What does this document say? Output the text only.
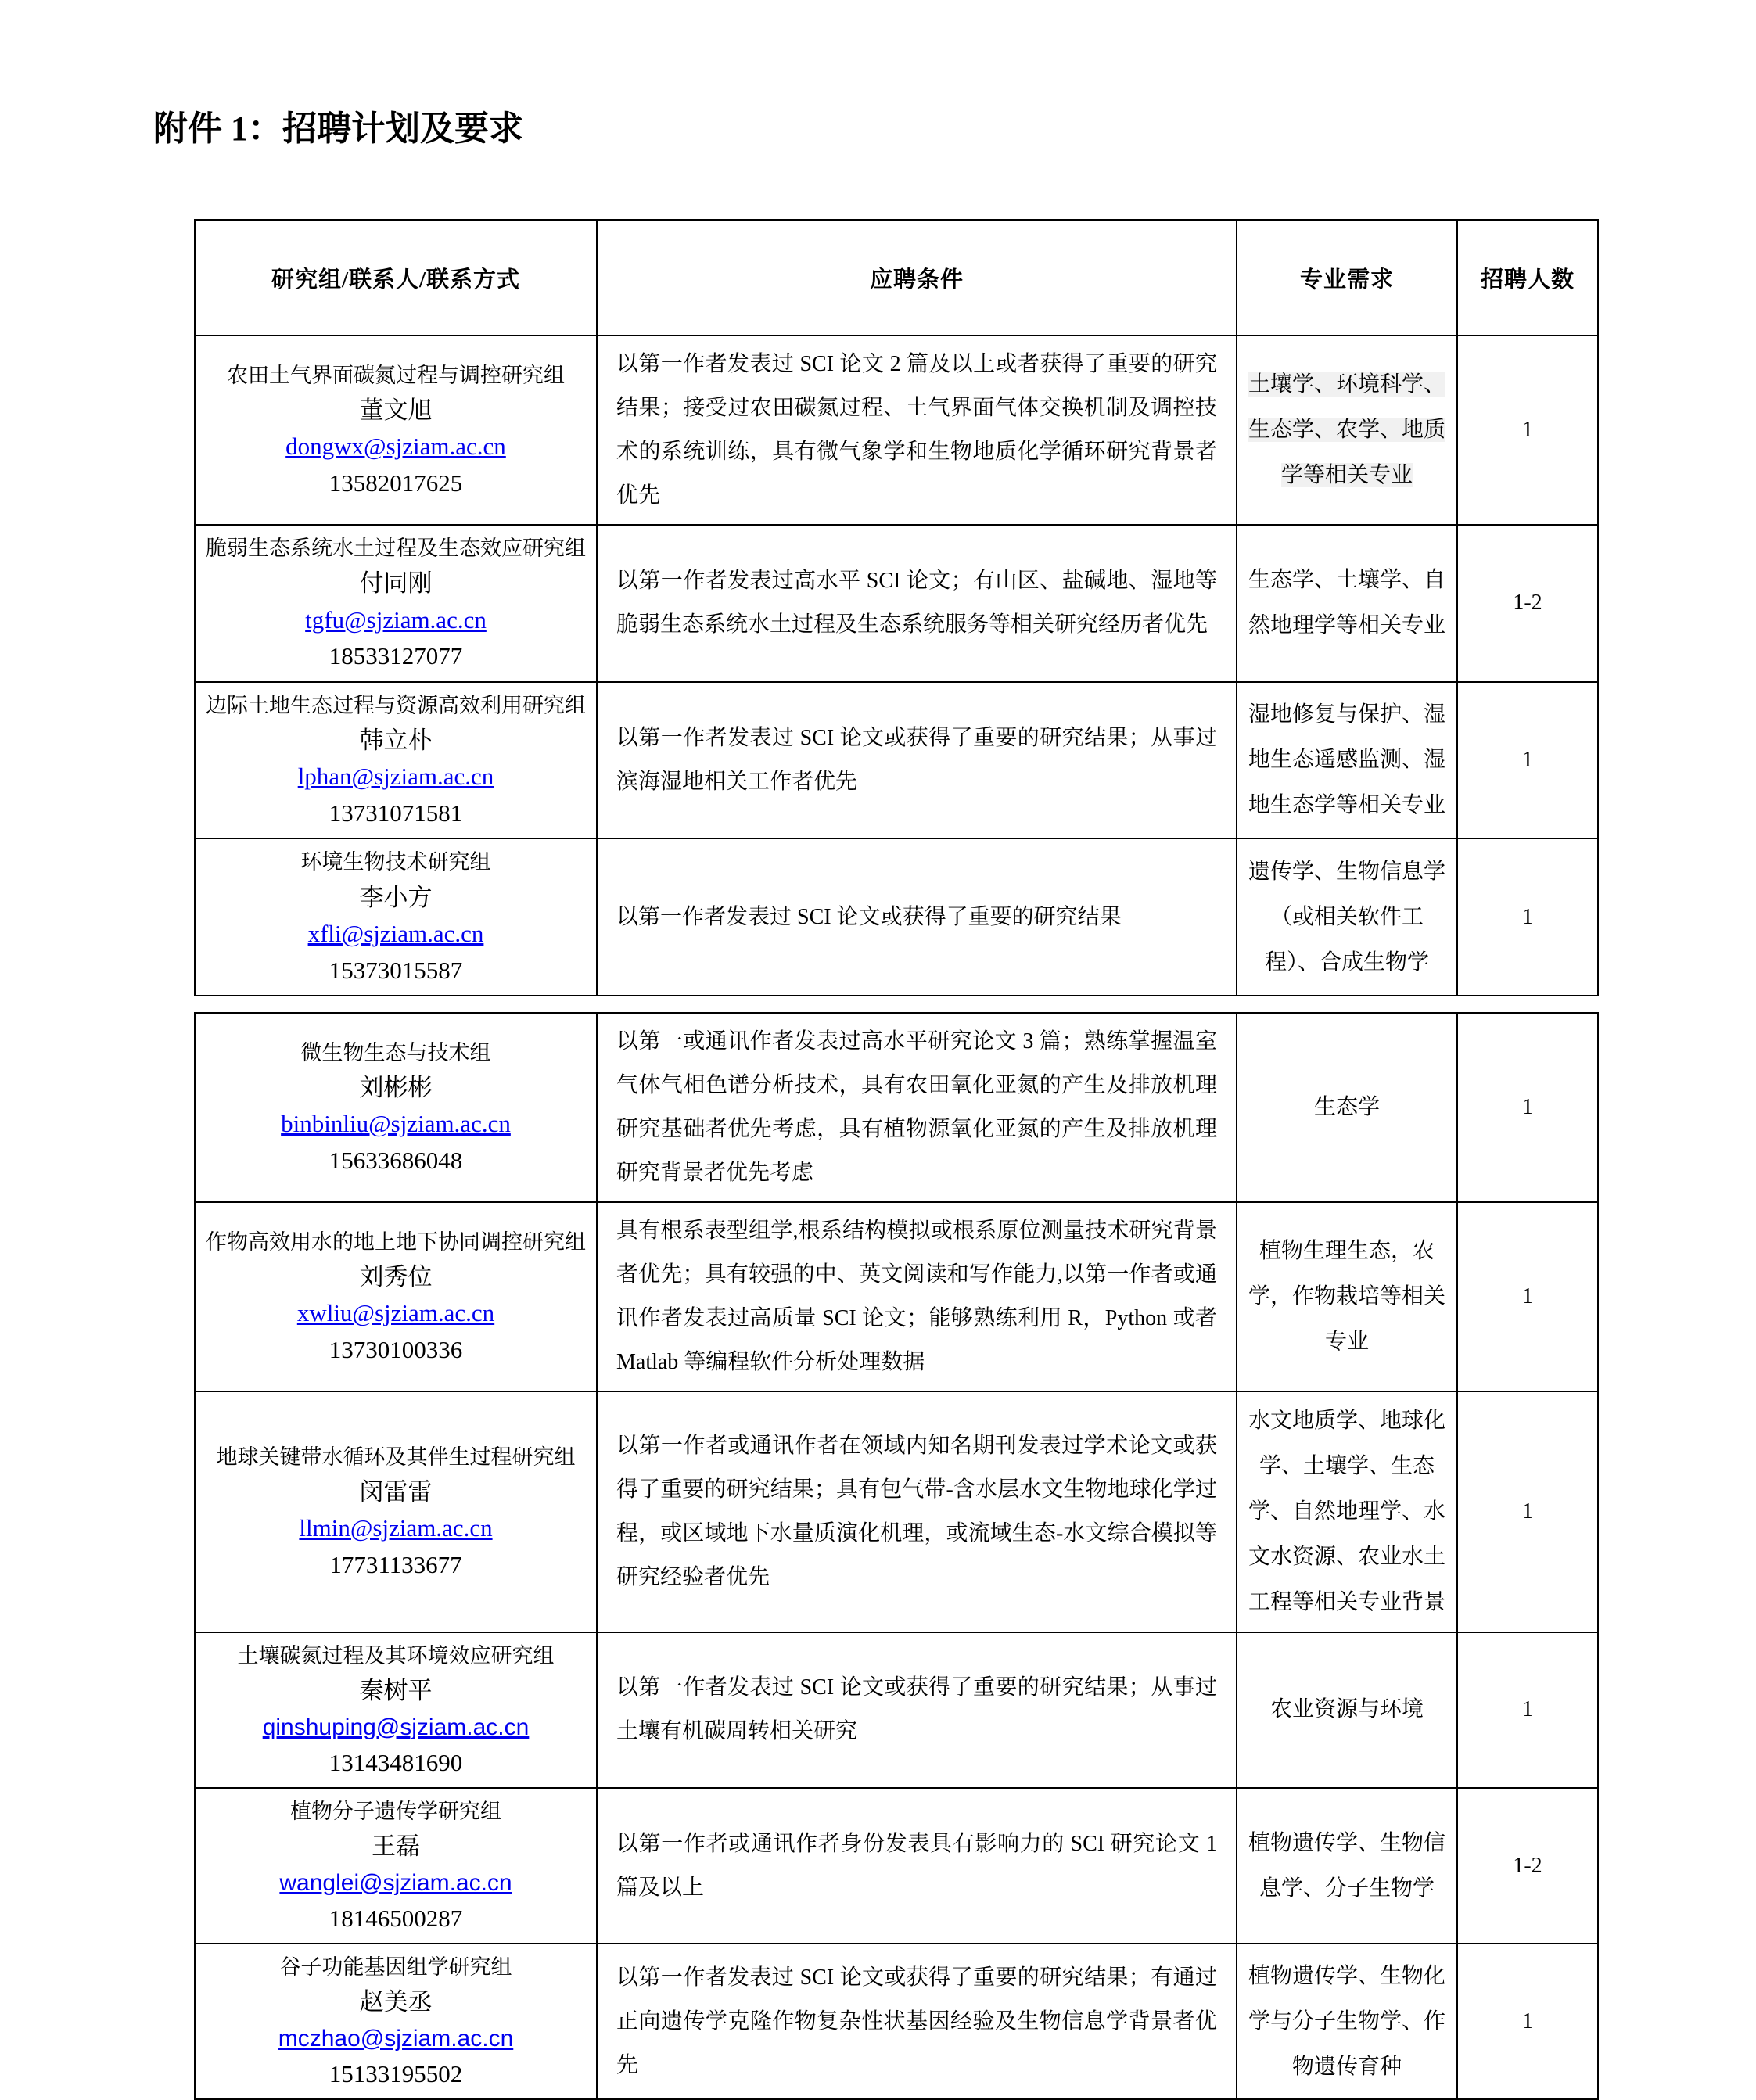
附件 1：招聘计划及要求
研究组/联系人/联系方式	应聘条件	专业需求	招聘人数

农田土气界面碳氮过程与调控研究组
董文旭
dongwx@sjziam.ac.cn
13582017625	以第一作者发表过 SCI 论文 2 篇及以上或者获得了重要的研究结果；接受过农田碳氮过程、土气界面气体交换机制及调控技术的系统训练，具有微气象学和生物地质化学循环研究背景者优先	土壤学、环境科学、生态学、农学、地质学等相关专业	1

脆弱生态系统水土过程及生态效应研究组
付同刚
tgfu@sjziam.ac.cn
18533127077	以第一作者发表过高水平 SCI 论文；有山区、盐碱地、湿地等脆弱生态系统水土过程及生态系统服务等相关研究经历者优先	生态学、土壤学、自然地理学等相关专业	1-2

边际土地生态过程与资源高效利用研究组
韩立朴
lphan@sjziam.ac.cn
13731071581	以第一作者发表过 SCI 论文或获得了重要的研究结果；从事过滨海湿地相关工作者优先	湿地修复与保护、湿地生态遥感监测、湿地生态学等相关专业	1

环境生物技术研究组
李小方
xfli@sjziam.ac.cn
15373015587	以第一作者发表过 SCI 论文或获得了重要的研究结果	遗传学、生物信息学（或相关软件工程）、合成生物学	1
微生物生态与技术组
刘彬彬
binbinliu@sjziam.ac.cn
15633686048	以第一或通讯作者发表过高水平研究论文 3 篇；熟练掌握温室气体气相色谱分析技术，具有农田氧化亚氮的产生及排放机理研究基础者优先考虑，具有植物源氧化亚氮的产生及排放机理研究背景者优先考虑	生态学	1

作物高效用水的地上地下协同调控研究组
刘秀位
xwliu@sjziam.ac.cn
13730100336	具有根系表型组学,根系结构模拟或根系原位测量技术研究背景者优先；具有较强的中、英文阅读和写作能力,以第一作者或通讯作者发表过高质量 SCI 论文；能够熟练利用 R，Python 或者 Matlab 等编程软件分析处理数据	植物生理生态，农学，作物栽培等相关专业	1

地球关键带水循环及其伴生过程研究组
闵雷雷
llmin@sjziam.ac.cn
17731133677	以第一作者或通讯作者在领域内知名期刊发表过学术论文或获得了重要的研究结果；具有包气带-含水层水文生物地球化学过程，或区域地下水量质演化机理，或流域生态-水文综合模拟等研究经验者优先	水文地质学、地球化学、土壤学、生态学、自然地理学、水文水资源、农业水土工程等相关专业背景	1

土壤碳氮过程及其环境效应研究组
秦树平
qinshuping@sjziam.ac.cn
13143481690	以第一作者发表过 SCI 论文或获得了重要的研究结果；从事过土壤有机碳周转相关研究	农业资源与环境	1

植物分子遗传学研究组
王磊
wanglei@sjziam.ac.cn
18146500287	以第一作者或通讯作者身份发表具有影响力的 SCI 研究论文 1 篇及以上	植物遗传学、生物信息学、分子生物学	1-2

谷子功能基因组学研究组
赵美丞
mczhao@sjziam.ac.cn
15133195502	以第一作者发表过 SCI 论文或获得了重要的研究结果；有通过正向遗传学克隆作物复杂性状基因经验及生物信息学背景者优先	植物遗传学、生物化学与分子生物学、作物遗传育种	1
